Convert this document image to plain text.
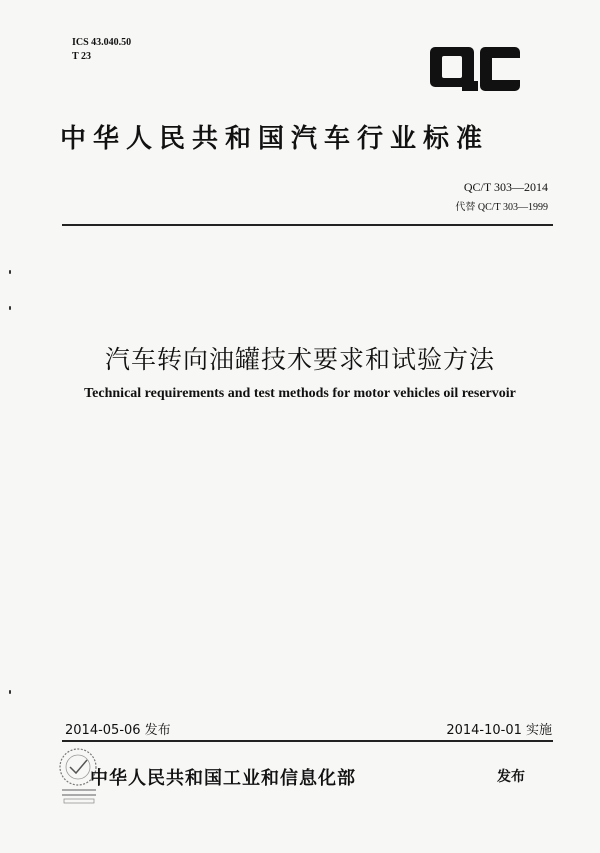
ICS 43.040.50
T 23
中华人民共和国汽车行业标准
QC/T 303—2014
代替 QC/T 303—1999
汽车转向油罐技术要求和试验方法
Technical requirements and test methods for motor vehicles oil reservoir
2014-05-06 发布	2014-10-01 实施
中华人民共和国工业和信息化部	发布
